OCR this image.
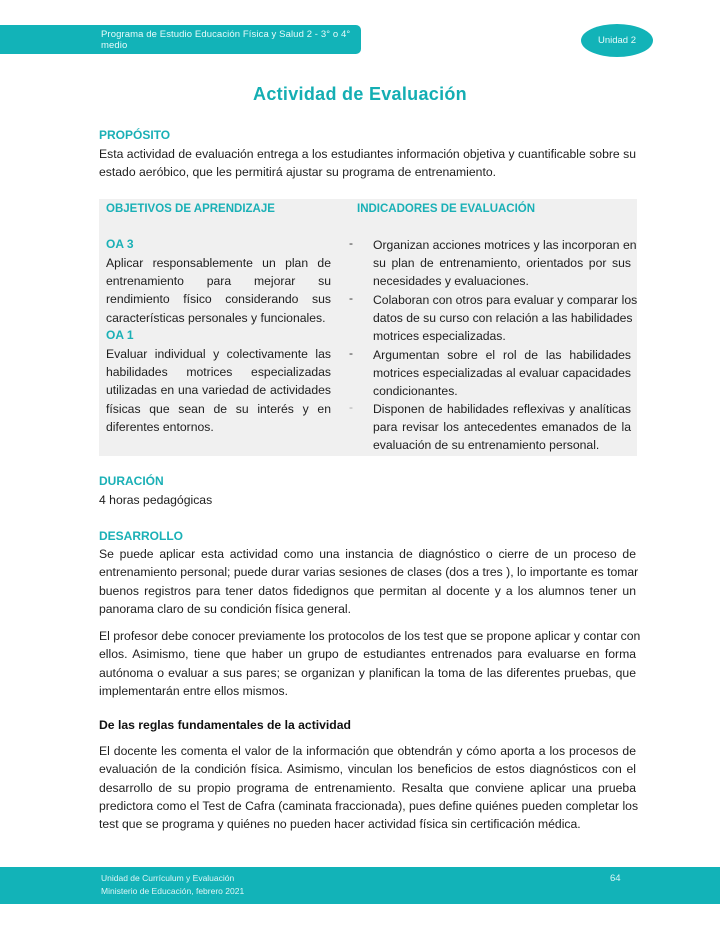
Programa de Estudio Educación Física y Salud 2 - 3° o 4° medio	Unidad 2
Actividad de Evaluación
PROPÓSITO
Esta actividad de evaluación entrega a los estudiantes información objetiva y cuantificable sobre su
estado aeróbico, que les permitirá ajustar su programa de entrenamiento.
OBJETIVOS DE APRENDIZAJE	INDICADORES DE EVALUACIÓN
OA 3
Aplicar responsablemente un plan de
entrenamiento para mejorar su
rendimiento físico considerando sus
características personales y funcionales.
OA 1
Evaluar individual y colectivamente las
habilidades motrices especializadas
utilizadas en una variedad de actividades
físicas que sean de su interés y en
diferentes entornos.
- Organizan acciones motrices y las incorporan en
su plan de entrenamiento, orientados por sus
necesidades y evaluaciones.
- Colaboran con otros para evaluar y comparar los
datos de su curso con relación a las habilidades
motrices especializadas.
- Argumentan sobre el rol de las habilidades
motrices especializadas al evaluar capacidades
condicionantes.
- Disponen de habilidades reflexivas y analíticas
para revisar los antecedentes emanados de la
evaluación de su entrenamiento personal.
DURACIÓN
4 horas pedagógicas
DESARROLLO
Se puede aplicar esta actividad como una instancia de diagnóstico o cierre de un proceso de
entrenamiento personal; puede durar varias sesiones de clases (dos a tres ), lo importante es tomar
buenos registros para tener datos fidedignos que permitan al docente y a los alumnos tener un
panorama claro de su condición física general.
El profesor debe conocer previamente los protocolos de los test que se propone aplicar y contar con
ellos. Asimismo, tiene que haber un grupo de estudiantes entrenados para evaluarse en forma
autónoma o evaluar a sus pares; se organizan y planifican la toma de las diferentes pruebas, que
implementarán entre ellos mismos.
De las reglas fundamentales de la actividad
El docente les comenta el valor de la información que obtendrán y cómo aporta a los procesos de
evaluación de la condición física. Asimismo, vinculan los beneficios de estos diagnósticos con el
desarrollo de su propio programa de entrenamiento. Resalta que conviene aplicar una prueba
predictora como el Test de Cafra (caminata fraccionada), pues define quiénes pueden completar los
test que se programa y quiénes no pueden hacer actividad física sin certificación médica.
Unidad de Currículum y Evaluación
Ministerio de Educación, febrero 2021
64
